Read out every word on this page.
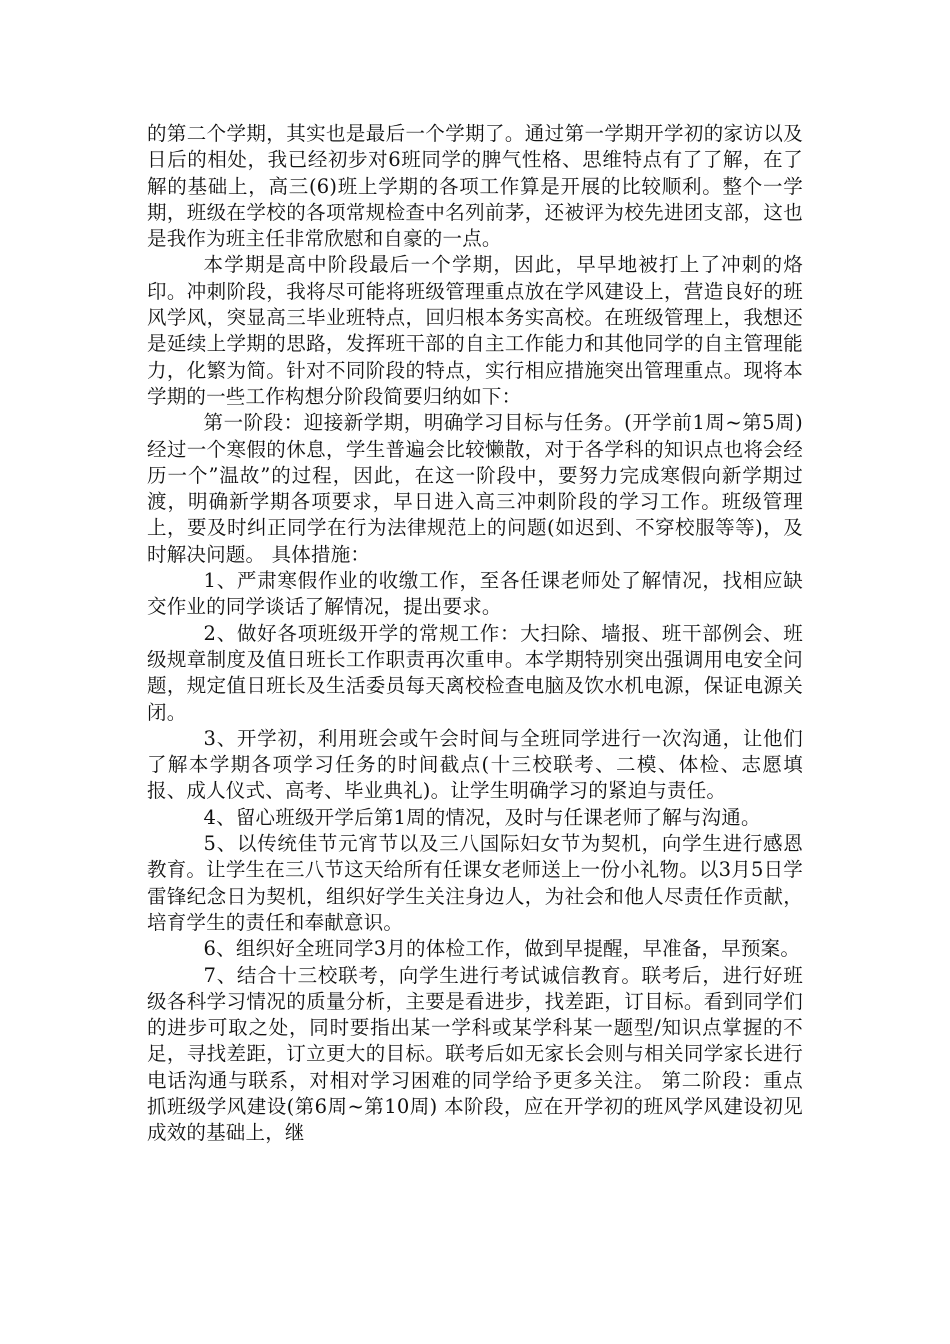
的第二个学期，其实也是最后一个学期了。通过第一学期开学初的家访以及日后的相处，我已经初步对6班同学的脾气性格、思维特点有了了解，在了解的基础上，高三(6)班上学期的各项工作算是开展的比较顺利。整个一学期，班级在学校的各项常规检查中名列前茅，还被评为校先进团支部，这也是我作为班主任非常欣慰和自豪的一点。

本学期是高中阶段最后一个学期，因此，早早地被打上了冲刺的烙印。冲刺阶段，我将尽可能将班级管理重点放在学风建设上，营造良好的班风学风，突显高三毕业班特点，回归根本务实高校。在班级管理上，我想还是延续上学期的思路，发挥班干部的自主工作能力和其他同学的自主管理能力，化繁为简。针对不同阶段的特点，实行相应措施突出管理重点。现将本学期的一些工作构想分阶段简要归纳如下：

第一阶段：迎接新学期，明确学习目标与任务。(开学前1周~第5周) 经过一个寒假的休息，学生普遍会比较懒散，对于各学科的知识点也将会经历一个”温故”的过程，因此，在这一阶段中，要努力完成寒假向新学期过渡，明确新学期各项要求，早日进入高三冲刺阶段的学习工作。班级管理上，要及时纠正同学在行为法律规范上的问题(如迟到、不穿校服等等)，及时解决问题。 具体措施：

1、严肃寒假作业的收缴工作，至各任课老师处了解情况，找相应缺交作业的同学谈话了解情况，提出要求。

2、做好各项班级开学的常规工作：大扫除、墙报、班干部例会、班级规章制度及值日班长工作职责再次重申。本学期特别突出强调用电安全问题，规定值日班长及生活委员每天离校检查电脑及饮水机电源，保证电源关闭。

3、开学初，利用班会或午会时间与全班同学进行一次沟通，让他们了解本学期各项学习任务的时间截点(十三校联考、二模、体检、志愿填报、成人仪式、高考、毕业典礼)。让学生明确学习的紧迫与责任。

4、留心班级开学后第1周的情况，及时与任课老师了解与沟通。

5、以传统佳节元宵节以及三八国际妇女节为契机，向学生进行感恩教育。让学生在三八节这天给所有任课女老师送上一份小礼物。以3月5日学雷锋纪念日为契机，组织好学生关注身边人，为社会和他人尽责任作贡献，培育学生的责任和奉献意识。

6、组织好全班同学3月的体检工作，做到早提醒，早准备，早预案。

7、结合十三校联考，向学生进行考试诚信教育。联考后，进行好班级各科学习情况的质量分析，主要是看进步，找差距，订目标。看到同学们的进步可取之处，同时要指出某一学科或某学科某一题型/知识点掌握的不足，寻找差距，订立更大的目标。联考后如无家长会则与相关同学家长进行电话沟通与联系，对相对学习困难的同学给予更多关注。 第二阶段：重点抓班级学风建设(第6周~第10周) 本阶段，应在开学初的班风学风建设初见成效的基础上，继
